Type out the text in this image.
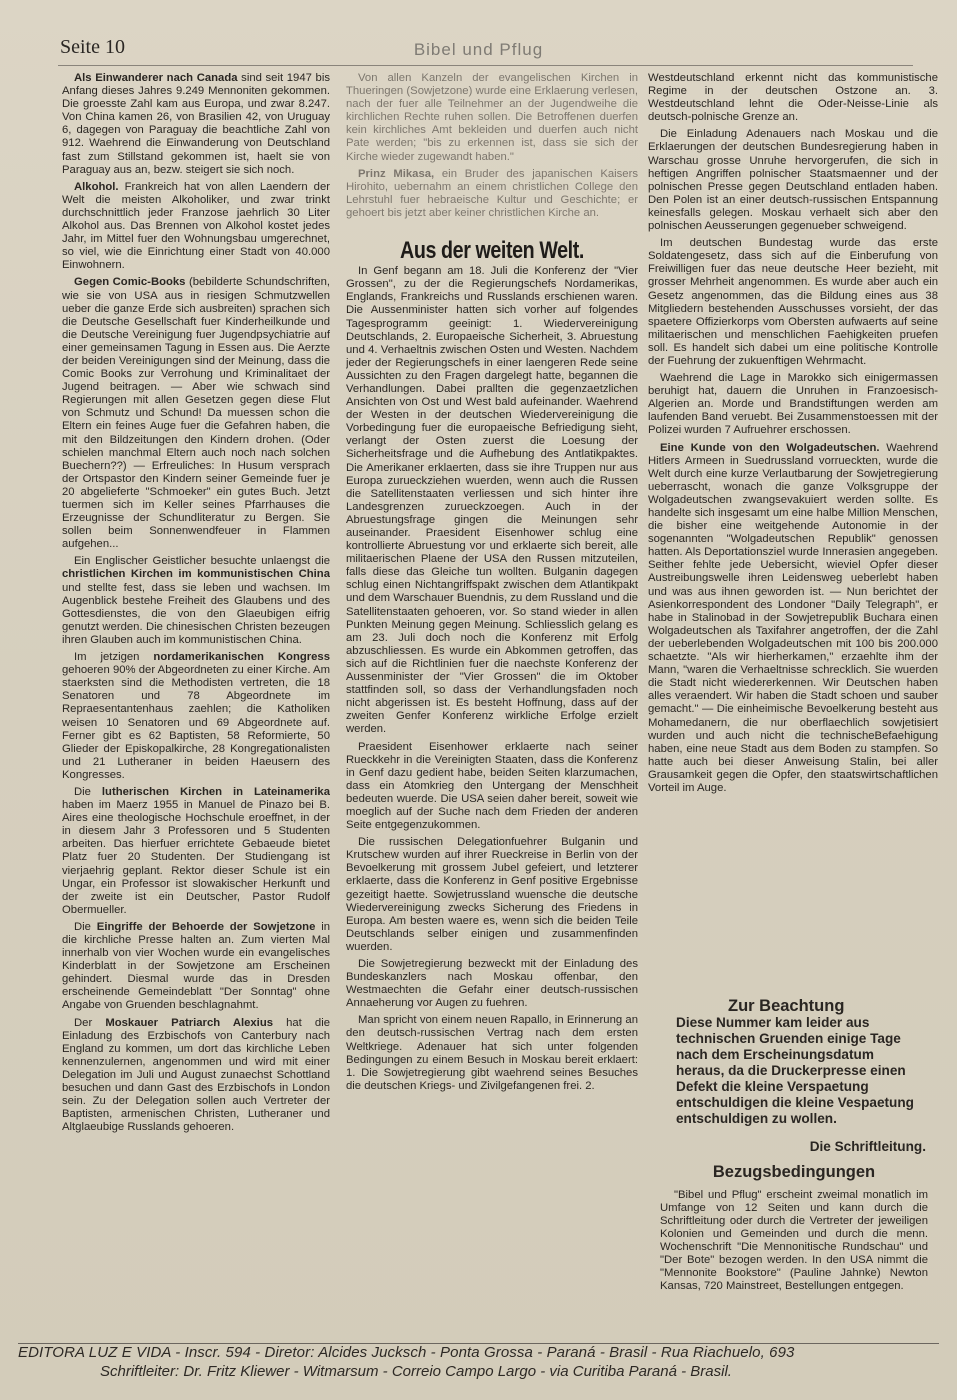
Seite 10	Bibel und Pflug

Als Einwanderer nach Canada sind seit 1947 bis Anfang dieses Jahres 9.249 Mennoniten gekommen. Die groesste Zahl kam aus Europa, und zwar 8.247. Von China kamen 26, von Brasilien 42, von Uruguay 6, dagegen von Paraguay die beachtliche Zahl von 912. Waehrend die Einwanderung von Deutschland fast zum Stillstand gekommen ist, haelt sie von Paraguay aus an, bezw. steigert sie sich noch.

Alkohol. Frankreich hat von allen Laendern der Welt die meisten Alkoholiker, und zwar trinkt durchschnittlich jeder Franzose jaehrlich 30 Liter Alkohol aus. Das Brennen von Alkohol kostet jedes Jahr, im Mittel fuer den Wohnungsbau umgerechnet, so viel, wie die Einrichtung einer Stadt von 40.000 Einwohnern.

Gegen Comic-Books (bebilderte Schundschriften, wie sie von USA aus in riesigen Schmutzwellen ueber die ganze Erde sich ausbreiten) sprachen sich die Deutsche Gesellschaft fuer Kinderheilkunde und die Deutsche Vereinigung fuer Jugendpsychiatrie auf einer gemeinsamen Tagung in Essen aus. Die Aerzte der beiden Vereinigungen sind der Meinung, dass die Comic Books zur Verrohung und Kriminalitaet der Jugend beitragen. — Aber wie schwach sind Regierungen mit allen Gesetzen gegen diese Flut von Schmutz und Schund! Da muessen schon die Eltern ein feines Auge fuer die Gefahren haben, die mit den Bildzeitungen den Kindern drohen. (Oder schielen manchmal Eltern auch noch nach solchen Buechern??) — Erfreuliches: In Husum versprach der Ortspastor den Kindern seiner Gemeinde fuer je 20 abgelieferte "Schmoeker" ein gutes Buch. Jetzt tuermen sich im Keller seines Pfarrhauses die Erzeugnisse der Schundliteratur zu Bergen. Sie sollen beim Sonnenwendfeuer in Flammen aufgehen...

Ein Englischer Geistlicher besuchte unlaengst die christlichen Kirchen im kommunistischen China und stellte fest, dass sie leben und wachsen. Im Augenblick bestehe Freiheit des Glaubens und des Gottesdienstes, die von den Glaeubigen eifrig genutzt werden. Die chinesischen Christen bezeugen ihren Glauben auch im kommunistischen China.

Im jetzigen nordamerikanischen Kongress gehoeren 90% der Abgeordneten zu einer Kirche. Am staerksten sind die Methodisten vertreten, die 18 Senatoren und 78 Abgeordnete im Repraesentantenhaus zaehlen; die Katholiken weisen 10 Senatoren und 69 Abgeordnete auf. Ferner gibt es 62 Baptisten, 58 Reformierte, 50 Glieder der Episkopalkirche, 28 Kongregationalisten und 21 Lutheraner in beiden Haeusern des Kongresses.

Die lutherischen Kirchen in Lateinamerika haben im Maerz 1955 in Manuel de Pinazo bei B. Aires eine theologische Hochschule eroeffnet, in der in diesem Jahr 3 Professoren und 5 Studenten arbeiten. Das hierfuer errichtete Gebaeude bietet Platz fuer 20 Studenten. Der Studiengang ist vierjaehrig geplant. Rektor dieser Schule ist ein Ungar, ein Professor ist slowakischer Herkunft und der zweite ist ein Deutscher, Pastor Rudolf Obermueller.

Die Eingriffe der Behoerde der Sowjetzone in die kirchliche Presse halten an. Zum vierten Mal innerhalb von vier Wochen wurde ein evangelisches Kinderblatt in der Sowjetzone am Erscheinen gehindert. Diesmal wurde das in Dresden erscheinende Gemeindeblatt "Der Sonntag" ohne Angabe von Gruenden beschlagnahmt.

Der Moskauer Patriarch Alexius hat die Einladung des Erzbischofs von Canterbury nach England zu kommen, um dort das kirchliche Leben kennenzulernen, angenommen und wird mit einer Delegation im Juli und August zunaechst Schottland besuchen und dann Gast des Erzbischofs in London sein. Zu der Delegation sollen auch Vertreter der Baptisten, armenischen Christen, Lutheraner und Altglaeubige Russlands gehoeren.

Von allen Kanzeln der evangelischen Kirchen in Thueringen (Sowjetzone) wurde eine Erklaerung verlesen, nach der fuer alle Teilnehmer an der Jugendweihe die kirchlichen Rechte ruhen sollen. Die Betroffenen duerfen kein kirchliches Amt bekleiden und duerfen auch nicht Pate werden; "bis zu erkennen ist, dass sie sich der Kirche wieder zugewandt haben."

Prinz Mikasa, ein Bruder des japanischen Kaisers Hirohito, uebernahm an einem christlichen College den Lehrstuhl fuer hebraeische Kultur und Geschichte; er gehoert bis jetzt aber keiner christlichen Kirche an.

Aus der weiten Welt.

In Genf begann am 18. Juli die Konferenz der "Vier Grossen", zu der die Regierungschefs Nordamerikas, Englands, Frankreichs und Russlands erschienen waren. Die Aussenminister hatten sich vorher auf folgendes Tagesprogramm geeinigt: 1. Wiedervereinigung Deutschlands, 2. Europaeische Sicherheit, 3. Abruestung und 4. Verhaeltnis zwischen Osten und Westen. Nachdem jeder der Regierungschefs in einer laengeren Rede seine Aussichten zu den Fragen dargelegt hatte, begannen die Verhandlungen. Dabei prallten die gegenzaetzlichen Ansichten von Ost und West bald aufeinander. Waehrend der Westen in der deutschen Wiedervereinigung die Vorbedingung fuer die europaeische Befriedigung sieht, verlangt der Osten zuerst die Loesung der Sicherheitsfrage und die Aufhebung des Antlatikpaktes. Die Amerikaner erklaerten, dass sie ihre Truppen nur aus Europa zurueckziehen wuerden, wenn auch die Russen die Satellitenstaaten verliessen und sich hinter ihre Landesgrenzen zurueckzoegen. Auch in der Abruestungsfrage gingen die Meinungen sehr auseinander. Praesident Eisenhower schlug eine kontrollierte Abruestung vor und erklaerte sich bereit, alle militaerischen Plaene der USA den Russen mitzuteilen, falls diese das Gleiche tun wollten. Bulganin dagegen schlug einen Nichtangriffspakt zwischen dem Atlantikpakt und dem Warschauer Buendnis, zu dem Russland und die Satellitenstaaten gehoeren, vor. So stand wieder in allen Punkten Meinung gegen Meinung. Schliesslich gelang es am 23. Juli doch noch die Konferenz mit Erfolg abzuschliessen. Es wurde ein Abkommen getroffen, das sich auf die Richtlinien fuer die naechste Konferenz der Aussenminister der "Vier Grossen" die im Oktober stattfinden soll, so dass der Verhandlungsfaden noch nicht abgerissen ist. Es besteht Hoffnung, dass auf der zweiten Genfer Konferenz wirkliche Erfolge erzielt werden.

Praesident Eisenhower erklaerte nach seiner Rueckkehr in die Vereinigten Staaten, dass die Konferenz in Genf dazu gedient habe, beiden Seiten klarzumachen, dass ein Atomkrieg den Untergang der Menschheit bedeuten wuerde. Die USA seien daher bereit, soweit wie moeglich auf der Suche nach dem Frieden der anderen Seite entgegenzukommen.

Die russischen Delegationfuehrer Bulganin und Krutschew wurden auf ihrer Rueckreise in Berlin von der Bevoelkerung mit grossem Jubel gefeiert, und letzterer erklaerte, dass die Konferenz in Genf positive Ergebnisse gezeitigt haette. Sowjetrussland wuensche die deutsche Wiedervereinigung zwecks Sicherung des Friedens in Europa. Am besten waere es, wenn sich die beiden Teile Deutschlands selber einigen und zusammenfinden wuerden.

Die Sowjetregierung bezweckt mit der Einladung des Bundeskanzlers nach Moskau offenbar, den Westmaechten die Gefahr einer deutsch-russischen Annaeherung vor Augen zu fuehren.

Man spricht von einem neuen Rapallo, in Erinnerung an den deutsch-russischen Vertrag nach dem ersten Weltkriege. Adenauer hat sich unter folgenden Bedingungen zu einem Besuch in Moskau bereit erklaert: 1. Die Sowjetregierung gibt waehrend seines Besuches die deutschen Kriegs- und Zivilgefangenen frei. 2.

Westdeutschland erkennt nicht das kommunistische Regime in der deutschen Ostzone an. 3. Westdeutschland lehnt die Oder-Neisse-Linie als deutsch-polnische Grenze an.

Die Einladung Adenauers nach Moskau und die Erklaerungen der deutschen Bundesregierung haben in Warschau grosse Unruhe hervorgerufen, die sich in heftigen Angriffen polnischer Staatsmaenner und der polnischen Presse gegen Deutschland entladen haben. Den Polen ist an einer deutsch-russischen Entspannung keinesfalls gelegen. Moskau verhaelt sich aber den polnischen Aeusserungen gegenueber schweigend.

Im deutschen Bundestag wurde das erste Soldatengesetz, dass sich auf die Einberufung von Freiwilligen fuer das neue deutsche Heer bezieht, mit grosser Mehrheit angenommen. Es wurde aber auch ein Gesetz angenommen, das die Bildung eines aus 38 Mitgliedern bestehenden Ausschusses vorsieht, der das spaetere Offizierkorps vom Obersten aufwaerts auf seine militaerischen und menschlichen Faehigkeiten pruefen soll. Es handelt sich dabei um eine politische Kontrolle der Fuehrung der zukuenftigen Wehrmacht.

Waehrend die Lage in Marokko sich einigermassen beruhigt hat, dauern die Unruhen in Franzoesisch-Algerien an. Morde und Brandstiftungen werden am laufenden Band veruebt. Bei Zusammenstoessen mit der Polizei wurden 7 Aufruehrer erschossen.

Eine Kunde von den Wolgadeutschen. Waehrend Hitlers Armeen in Suedrussland vorrueckten, wurde die Welt durch eine kurze Verlautbarung der Sowjetregierung ueberrascht, wonach die ganze Volksgruppe der Wolgadeutschen zwangsevakuiert werden sollte. Es handelte sich insgesamt um eine halbe Million Menschen, die bisher eine weitgehende Autonomie in der sogenannten "Wolgadeutschen Republik" genossen hatten. Als Deportationsziel wurde Innerasien angegeben. Seither fehlte jede Uebersicht, wieviel Opfer dieser Austreibungswelle ihren Leidensweg ueberlebt haben und was aus ihnen geworden ist. — Nun berichtet der Asienkorrespondent des Londoner "Daily Telegraph", er habe in Stalinobad in der Sowjetrepublik Buchara einen Wolgadeutschen als Taxifahrer angetroffen, der die Zahl der ueberlebenden Wolgadeutschen mit 100 bis 200.000 schaetzte. "Als wir hierherkamen," erzaehlte ihm der Mann, "waren die Verhaeltnisse schrecklich. Sie wuerden die Stadt nicht wiedererkennen. Wir Deutschen haben alles veraendert. Wir haben die Stadt schoen und sauber gemacht." — Die einheimische Bevoelkerung besteht aus Mohamedanern, die nur oberflaechlich sowjetisiert wurden und auch nicht die technischeBefaehigung haben, eine neue Stadt aus dem Boden zu stampfen. So hatte auch bei dieser Anweisung Stalin, bei aller Grausamkeit gegen die Opfer, den staatswirtschaftlichen Vorteil im Auge.

Zur Beachtung

Diese Nummer kam leider aus technischen Gruenden einige Tage nach dem Erscheinungsdatum heraus, da die Druckerpresse einen Defekt die kleine Verspaetung entschuldigen die kleine Vespaetung entschuldigen zu wollen.

Die Schriftleitung.
Bezugsbedingungen

"Bibel und Pflug" erscheint zweimal monatlich im Umfange von 12 Seiten und kann durch die Schriftleitung oder durch die Vertreter der jeweiligen Kolonien und Gemeinden und durch die menn. Wochenschrift "Die Mennonitische Rundschau" und "Der Bote" bezogen werden. In den USA nimmt die "Mennonite Bookstore" (Pauline Jahnke) Newton Kansas, 720 Mainstreet, Bestellungen entgegen.

EDITORA LUZ E VIDA - Inscr. 594 - Diretor: Alcides Jucksch - Ponta Grossa - Paraná - Brasil - Rua Riachuelo, 693
Schriftleiter: Dr. Fritz Kliewer - Witmarsum - Correio Campo Largo - via Curitiba Paraná - Brasil.
